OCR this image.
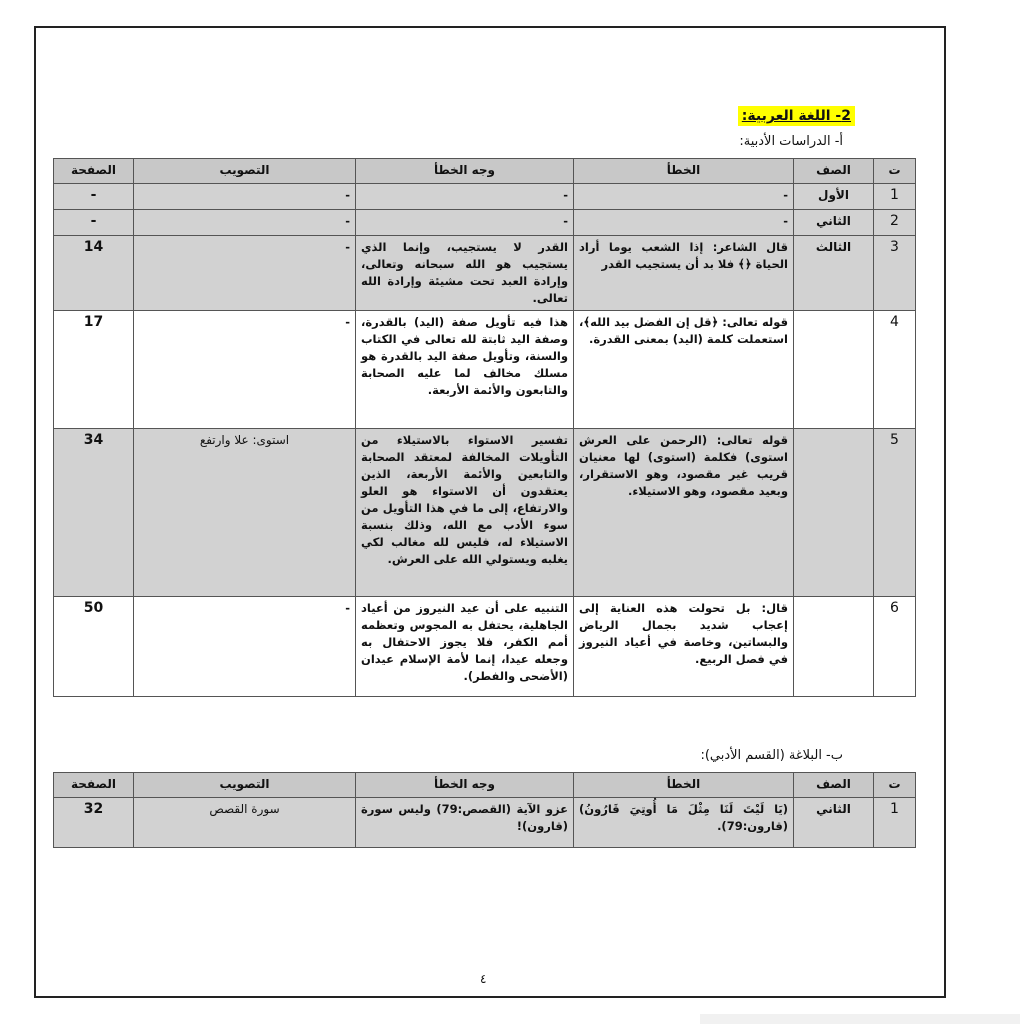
2- اللغة العربية:
أ- الدراسات الأدبية:
ت	الصف	الخطأ	وجه الخطأ	التصويب	الصفحة
1	الأول	-	-	-	-
2	الثاني	-	-	-	-
3	الثالث	قال الشاعر: إذا الشعب يوما أراد الحياة ﴿﴾ فلا بد أن يستجيب القدر	القدر لا يستجيب، وإنما الذي يستجيب هو الله سبحانه وتعالى، وإرادة العبد تحت مشيئة وإرادة الله تعالى.	-	14
4		قوله تعالى: ﴿قل إن الفضل بيد الله﴾، استعملت كلمة (اليد) بمعنى القدرة.	هذا فيه تأويل صفة (اليد) بالقدرة، وصفة اليد ثابتة لله تعالى في الكتاب والسنة، وتأويل صفة اليد بالقدرة هو مسلك مخالف لما عليه الصحابة والتابعون والأئمة الأربعة.	-	17
5		قوله تعالى: (الرحمن على العرش استوى) فكلمة (استوى) لها معنيان قريب غير مقصود، وهو الاستقرار، وبعيد مقصود، وهو الاستيلاء.	تفسير الاستواء بالاستيلاء من التأويلات المخالفة لمعتقد الصحابة والتابعين والأئمة الأربعة، الذين يعتقدون أن الاستواء هو العلو والارتفاع، إلى ما في هذا التأويل من سوء الأدب مع الله، وذلك بنسبة الاستيلاء له، فليس لله مغالب لكي يغلبه ويستولي الله على العرش.	استوى: علا وارتفع	34
6		قال: بل تحولت هذه العناية إلى إعجاب شديد بجمال الرياض والبساتين، وخاصة في أعياد النيروز في فصل الربيع.	التنبيه على أن عيد النيروز من أعياد الجاهلية، يحتفل به المجوس وتعظمه أمم الكفر، فلا يجوز الاحتفال به وجعله عيدا، إنما لأمة الإسلام عيدان (الأضحى والفطر).	-	50
ب- البلاغة (القسم الأدبي):
ت	الصف	الخطأ	وجه الخطأ	التصويب	الصفحة
1	الثاني	(يَا لَيْتَ لَنَا مِثْلَ مَا أُوتِيَ قَارُونُ) (قارون:79).	عزو الآية (القصص:79) وليس سورة (قارون)!	سورة القصص	32
٤
